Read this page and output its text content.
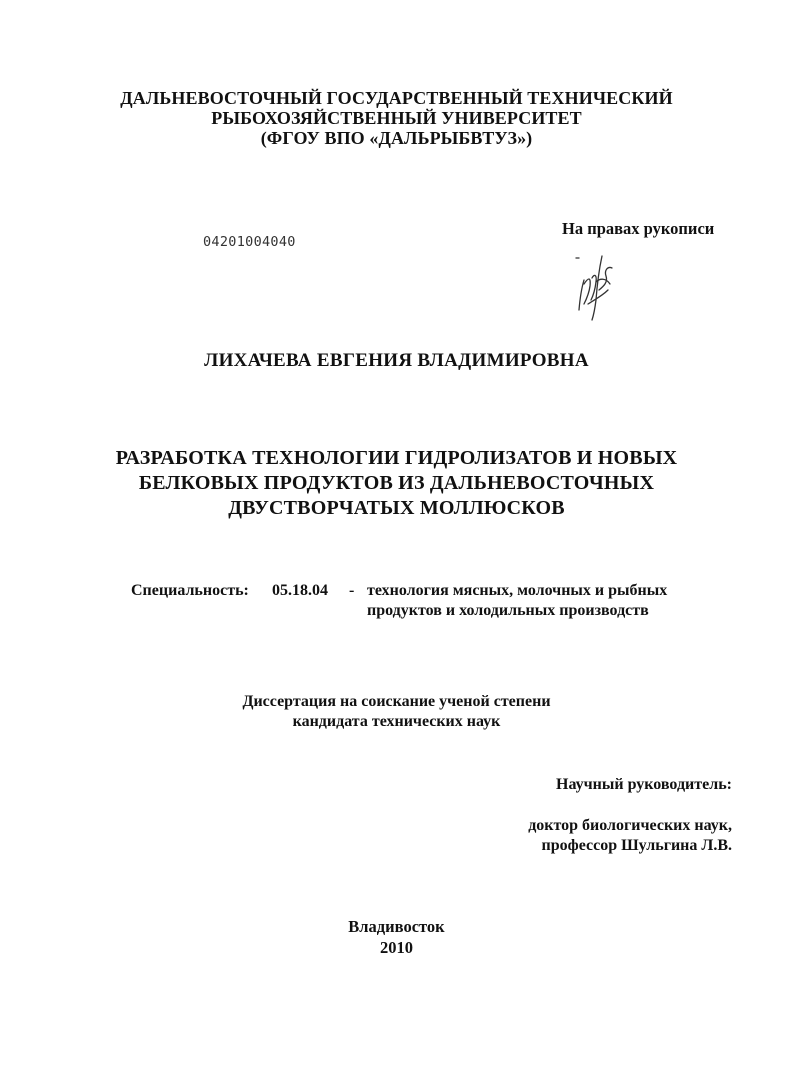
ДАЛЬНЕВОСТОЧНЫЙ ГОСУДАРСТВЕННЫЙ ТЕХНИЧЕСКИЙ
РЫБОХОЗЯЙСТВЕННЫЙ УНИВЕРСИТЕТ
(ФГОУ ВПО «ДАЛЬРЫБВТУЗ»)
На правах рукописи
04201004040
ЛИХАЧЕВА ЕВГЕНИЯ ВЛАДИМИРОВНА
РАЗРАБОТКА ТЕХНОЛОГИИ ГИДРОЛИЗАТОВ И НОВЫХ
БЕЛКОВЫХ ПРОДУКТОВ ИЗ ДАЛЬНЕВОСТОЧНЫХ
ДВУСТВОРЧАТЫХ МОЛЛЮСКОВ
Специальность: 05.18.04 - технология мясных, молочных и рыбных
продуктов и холодильных производств
Диссертация на соискание ученой степени
кандидата технических наук
Научный руководитель:
доктор биологических наук,
профессор Шульгина Л.В.
Владивосток
2010
